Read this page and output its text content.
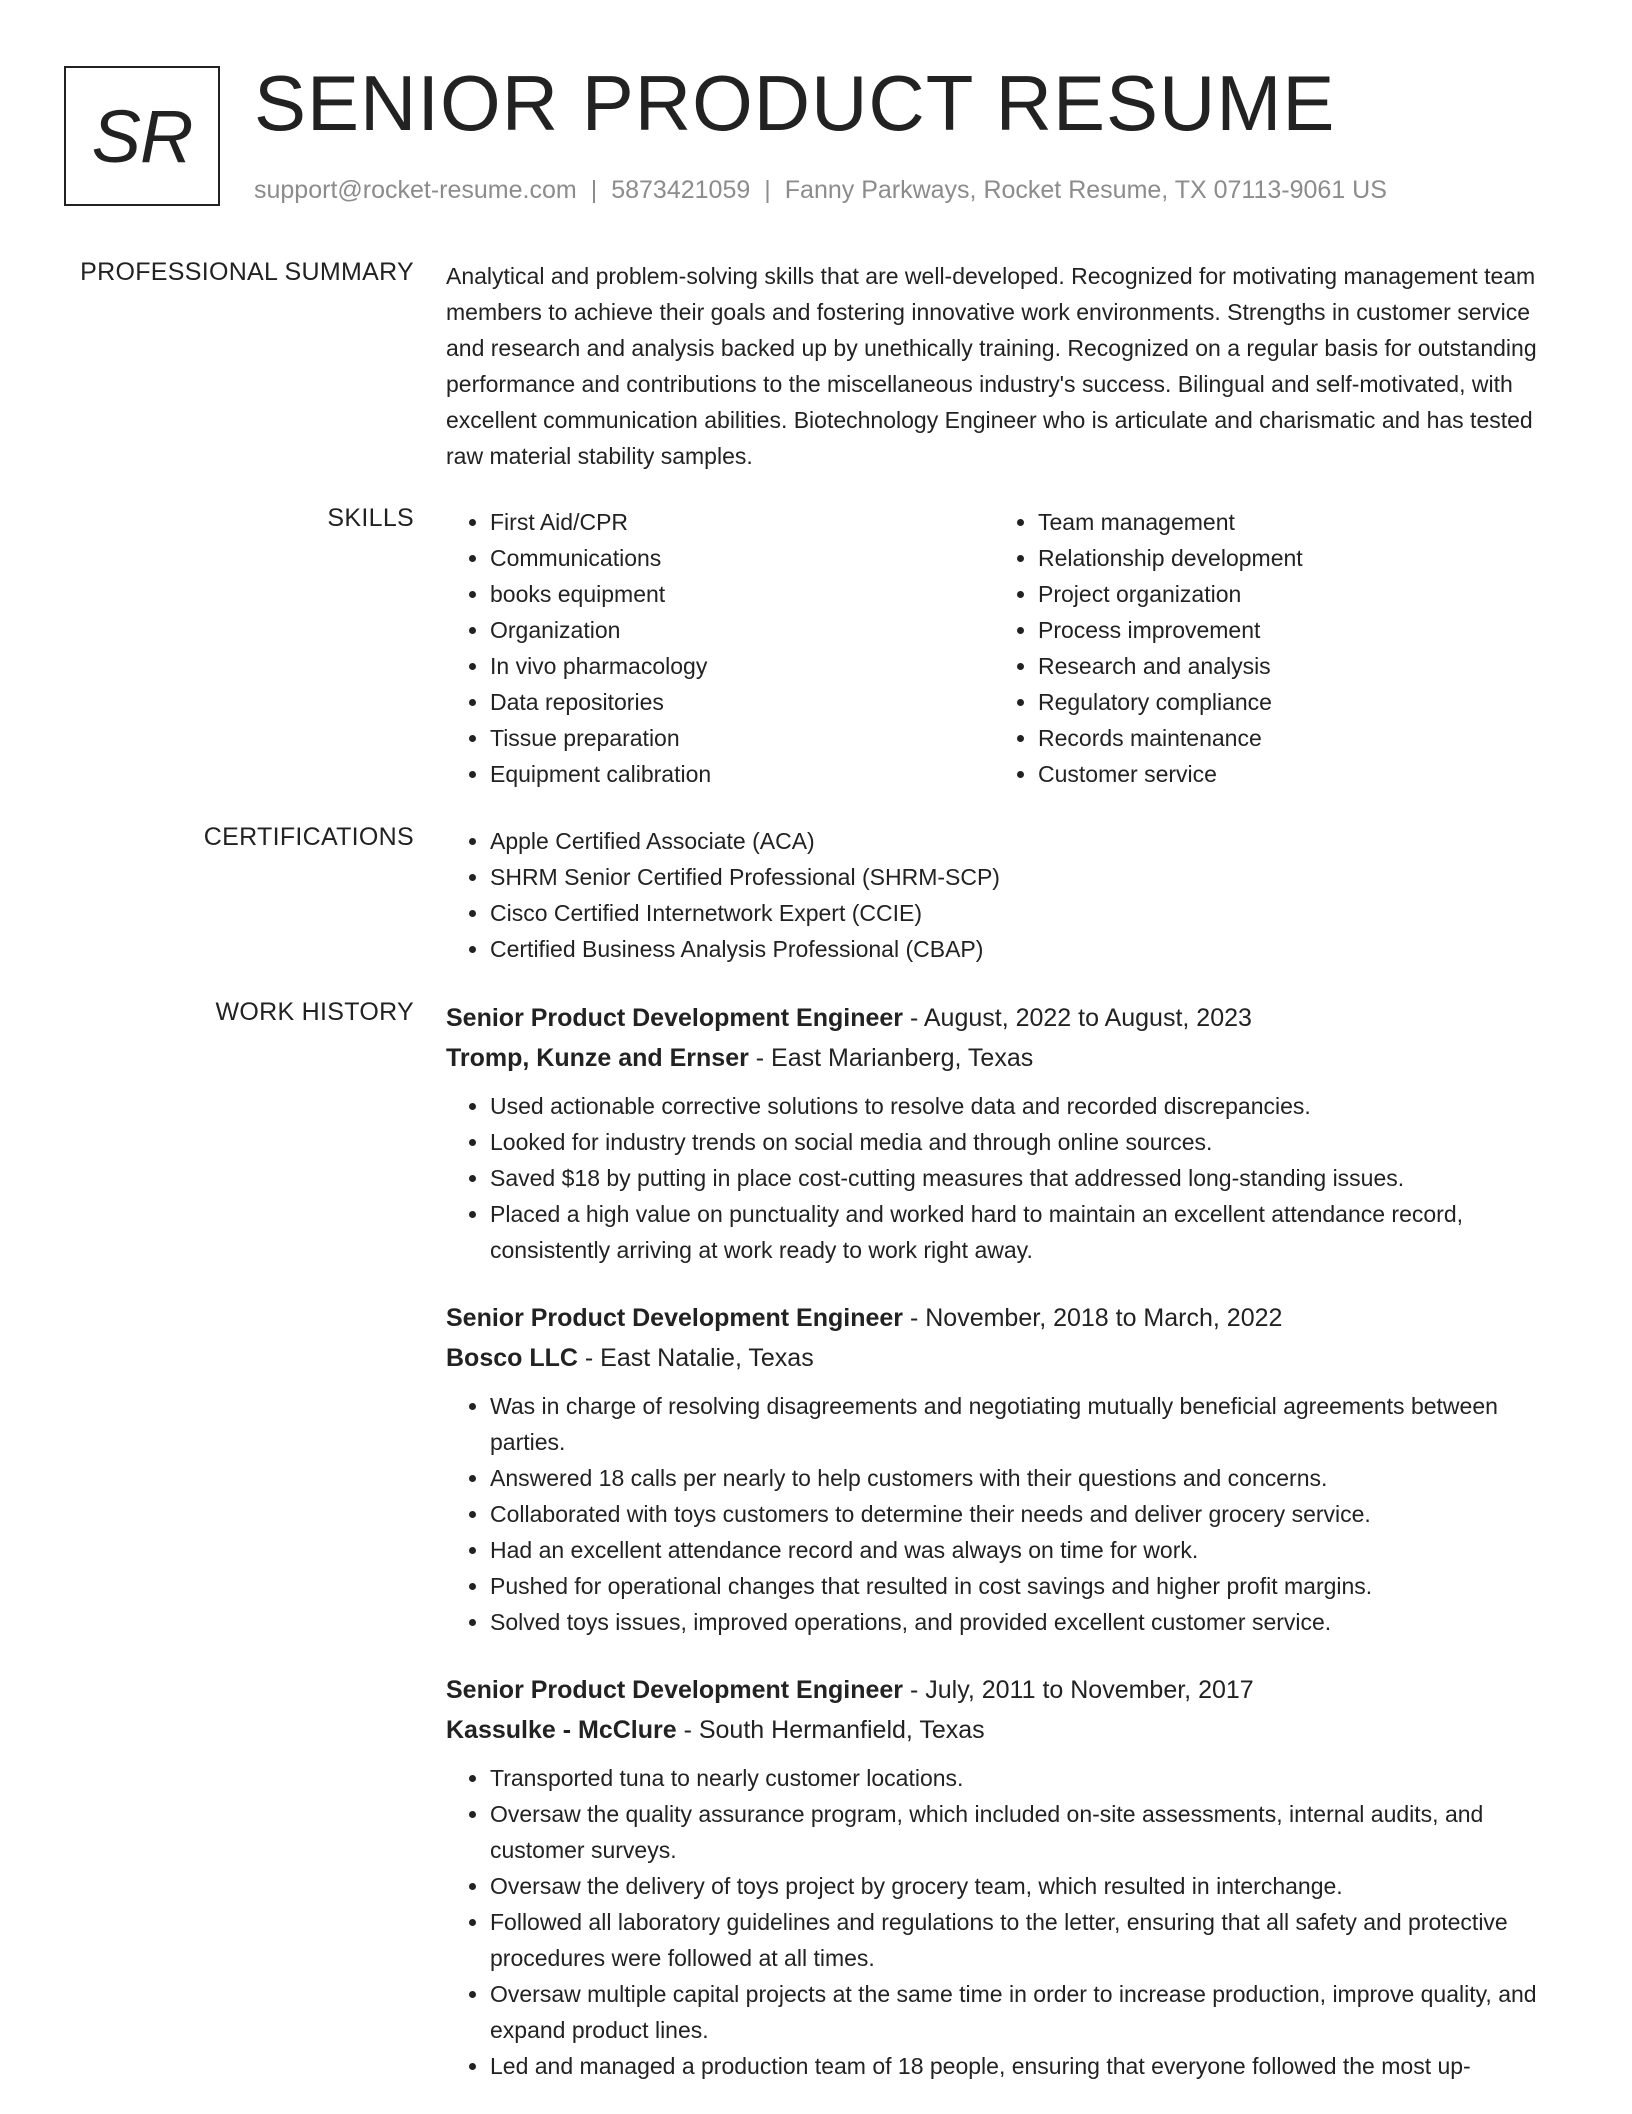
SR SENIOR PRODUCT RESUME
support@rocket-resume.com | 5873421059 | Fanny Parkways, Rocket Resume, TX 07113-9061 US
PROFESSIONAL SUMMARY Analytical and problem-solving skills that are well-developed. Recognized for motivating management team members to achieve their goals and fostering innovative work environments. Strengths in customer service and research and analysis backed up by unethically training. Recognized on a regular basis for outstanding performance and contributions to the miscellaneous industry's success. Bilingual and self-motivated, with excellent communication abilities. Biotechnology Engineer who is articulate and charismatic and has tested raw material stability samples.

SKILLS	• First Aid/CPR
• Communications
• books equipment
• Organization
• In vivo pharmacology
• Data repositories
• Tissue preparation
• Equipment calibration
• Team management
• Relationship development
• Project organization
• Process improvement
• Research and analysis
• Regulatory compliance
• Records maintenance
• Customer service
CERTIFICATIONS	• Apple Certified Associate (ACA)
• SHRM Senior Certified Professional (SHRM-SCP)
• Cisco Certified Internetwork Expert (CCIE)
• Certified Business Analysis Professional (CBAP)
WORK HISTORY Senior Product Development Engineer - August, 2022 to August, 2023
Tromp, Kunze and Ernser - East Marianberg, Texas
• Used actionable corrective solutions to resolve data and recorded discrepancies.
• Looked for industry trends on social media and through online sources.
• Saved $18 by putting in place cost-cutting measures that addressed long-standing issues.
• Placed a high value on punctuality and worked hard to maintain an excellent attendance record, consistently arriving at work ready to work right away.
Senior Product Development Engineer - November, 2018 to March, 2022
Bosco LLC - East Natalie, Texas
• Was in charge of resolving disagreements and negotiating mutually beneficial agreements between parties.
• Answered 18 calls per nearly to help customers with their questions and concerns.
• Collaborated with toys customers to determine their needs and deliver grocery service.
• Had an excellent attendance record and was always on time for work.
• Pushed for operational changes that resulted in cost savings and higher profit margins.
• Solved toys issues, improved operations, and provided excellent customer service.
Senior Product Development Engineer - July, 2011 to November, 2017
Kassulke - McClure - South Hermanfield, Texas
• Transported tuna to nearly customer locations.
• Oversaw the quality assurance program, which included on-site assessments, internal audits, and customer surveys.
• Oversaw the delivery of toys project by grocery team, which resulted in interchange.
• Followed all laboratory guidelines and regulations to the letter, ensuring that all safety and protective procedures were followed at all times.
• Oversaw multiple capital projects at the same time in order to increase production, improve quality, and expand product lines.
• Led and managed a production team of 18 people, ensuring that everyone followed the most up-
